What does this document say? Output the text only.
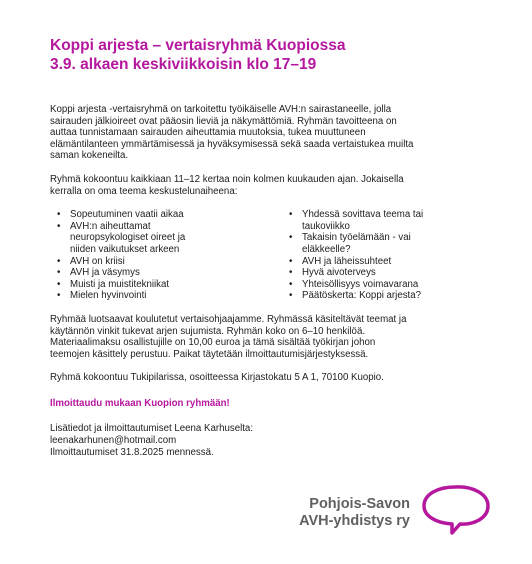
Koppi arjesta – vertaisryhmä Kuopiossa
3.9. alkaen keskiviikkoisin klo 17–19

Koppi arjesta -vertaisryhmä on tarkoitettu työikäiselle AVH:n sairastaneelle, jolla
sairauden jälkioireet ovat pääosin lieviä ja näkymättömiä. Ryhmän tavoitteena on
auttaa tunnistamaan sairauden aiheuttamia muutoksia, tukea muuttuneen
elämäntilanteen ymmärtämisessä ja hyväksymisessä sekä saada vertaistukea muilta
saman kokeneilta.

Ryhmä kokoontuu kaikkiaan 11–12 kertaa noin kolmen kuukauden ajan. Jokaisella
kerralla on oma teema keskustelunaiheena:

• Sopeutuminen vaatii aikaa
• AVH:n aiheuttamat
neuropsykologiset oireet ja
niiden vaikutukset arkeen
• AVH on kriisi
• AVH ja väsymys
• Muisti ja muistitekniikat
• Mielen hyvinvointi
• Yhdessä sovittava teema tai
taukoviikko
• Takaisin työelämään - vai
eläkkeelle?
• AVH ja läheissuhteet
• Hyvä aivoterveys
• Yhteisöllisyys voimavarana
• Päätöskerta: Koppi arjesta?

Ryhmää luotsaavat koulutetut vertaisohjaajamme. Ryhmässä käsiteltävät teemat ja
käytännön vinkit tukevat arjen sujumista. Ryhmän koko on 6–10 henkilöä.
Materiaalimaksu osallistujille on 10,00 euroa ja tämä sisältää työkirjan johon
teemojen käsittely perustuu. Paikat täytetään ilmoittautumisjärjestyksessä.

Ryhmä kokoontuu Tukipilarissa, osoitteessa Kirjastokatu 5 A 1, 70100 Kuopio.

Ilmoittaudu mukaan Kuopion ryhmään!

Lisätiedot ja ilmoittautumiset Leena Karhuselta:
leenakarhunen@hotmail.com
Ilmoittautumiset 31.8.2025 mennessä.

Pohjois-Savon
AVH-yhdistys ry
